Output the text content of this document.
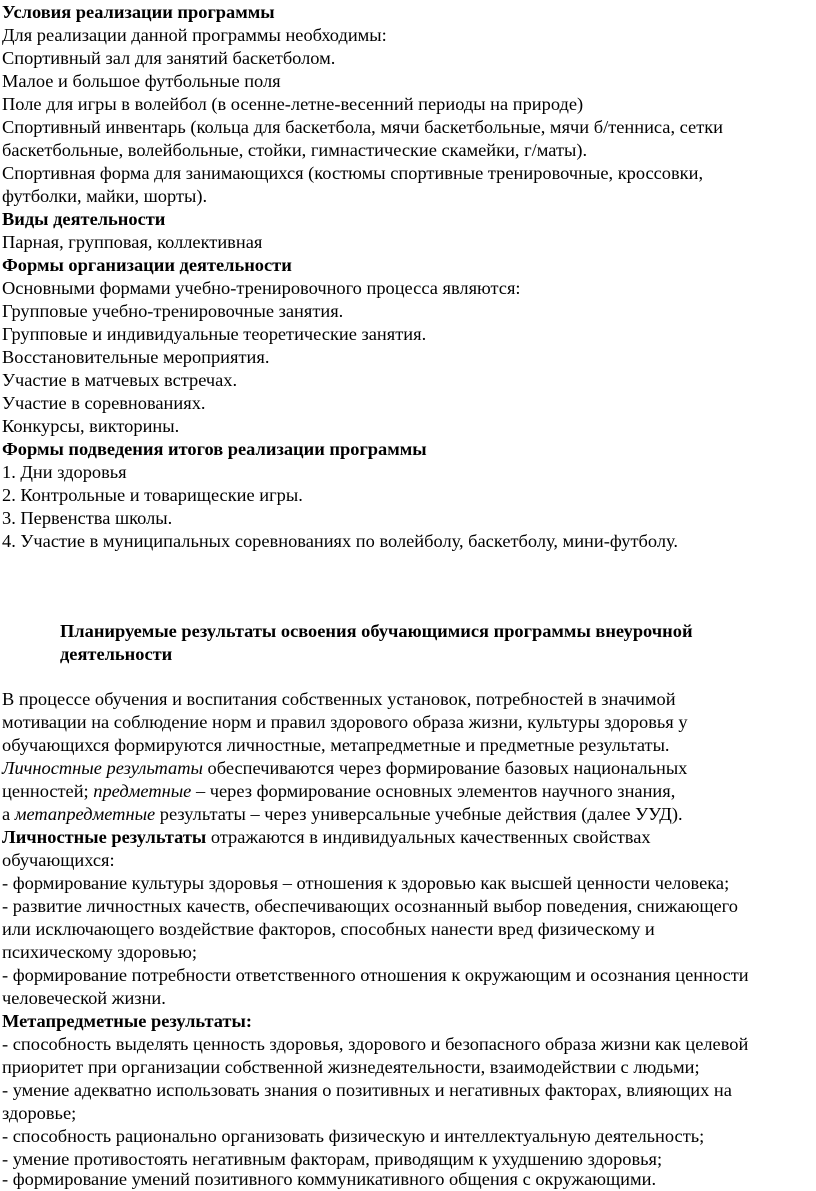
Условия реализации программы
Для реализации данной программы необходимы:
Спортивный зал для занятий баскетболом.
Малое и большое футбольные поля
Поле для игры в волейбол (в осенне-летне-весенний периоды на природе)
Спортивный инвентарь (кольца для баскетбола, мячи баскетбольные, мячи б/тенниса, сетки
баскетбольные, волейбольные, стойки, гимнастические скамейки, г/маты).
Спортивная форма для занимающихся (костюмы спортивные тренировочные, кроссовки,
футболки, майки, шорты).
Виды деятельности
Парная, групповая, коллективная
Формы организации деятельности
Основными формами учебно-тренировочного процесса являются:
Групповые учебно-тренировочные занятия.
Групповые и индивидуальные теоретические занятия.
Восстановительные мероприятия.
Участие в матчевых встречах.
Участие в соревнованиях.
Конкурсы, викторины.
Формы подведения итогов реализации программы
1. Дни здоровья
2. Контрольные и товарищеские игры.
3. Первенства школы.
4. Участие в муниципальных соревнованиях по волейболу, баскетболу, мини-футболу.
Планируемые результаты освоения обучающимися программы внеурочной
деятельности
В процессе обучения и воспитания собственных установок, потребностей в значимой
мотивации на соблюдение норм и правил здорового образа жизни, культуры здоровья у
обучающихся формируются личностные, метапредметные и предметные результаты.
Личностные результаты обеспечиваются через формирование базовых национальных
ценностей; предметные – через формирование основных элементов научного знания,
а метапредметные результаты – через универсальные учебные действия (далее УУД).
Личностные результаты отражаются в индивидуальных качественных свойствах
обучающихся:
- формирование культуры здоровья – отношения к здоровью как высшей ценности человека;
- развитие личностных качеств, обеспечивающих осознанный выбор поведения, снижающего
или исключающего воздействие факторов, способных нанести вред физическому и
психическому здоровью;
- формирование потребности ответственного отношения к окружающим и осознания ценности
человеческой жизни.
Метапредметные результаты:
- способность выделять ценность здоровья, здорового и безопасного образа жизни как целевой
приоритет при организации собственной жизнедеятельности, взаимодействии с людьми;
- умение адекватно использовать знания о позитивных и негативных факторах, влияющих на
здоровье;
- способность рационально организовать физическую и интеллектуальную деятельность;
- умение противостоять негативным факторам, приводящим к ухудшению здоровья;
- формирование умений позитивного коммуникативного общения с окружающими.
